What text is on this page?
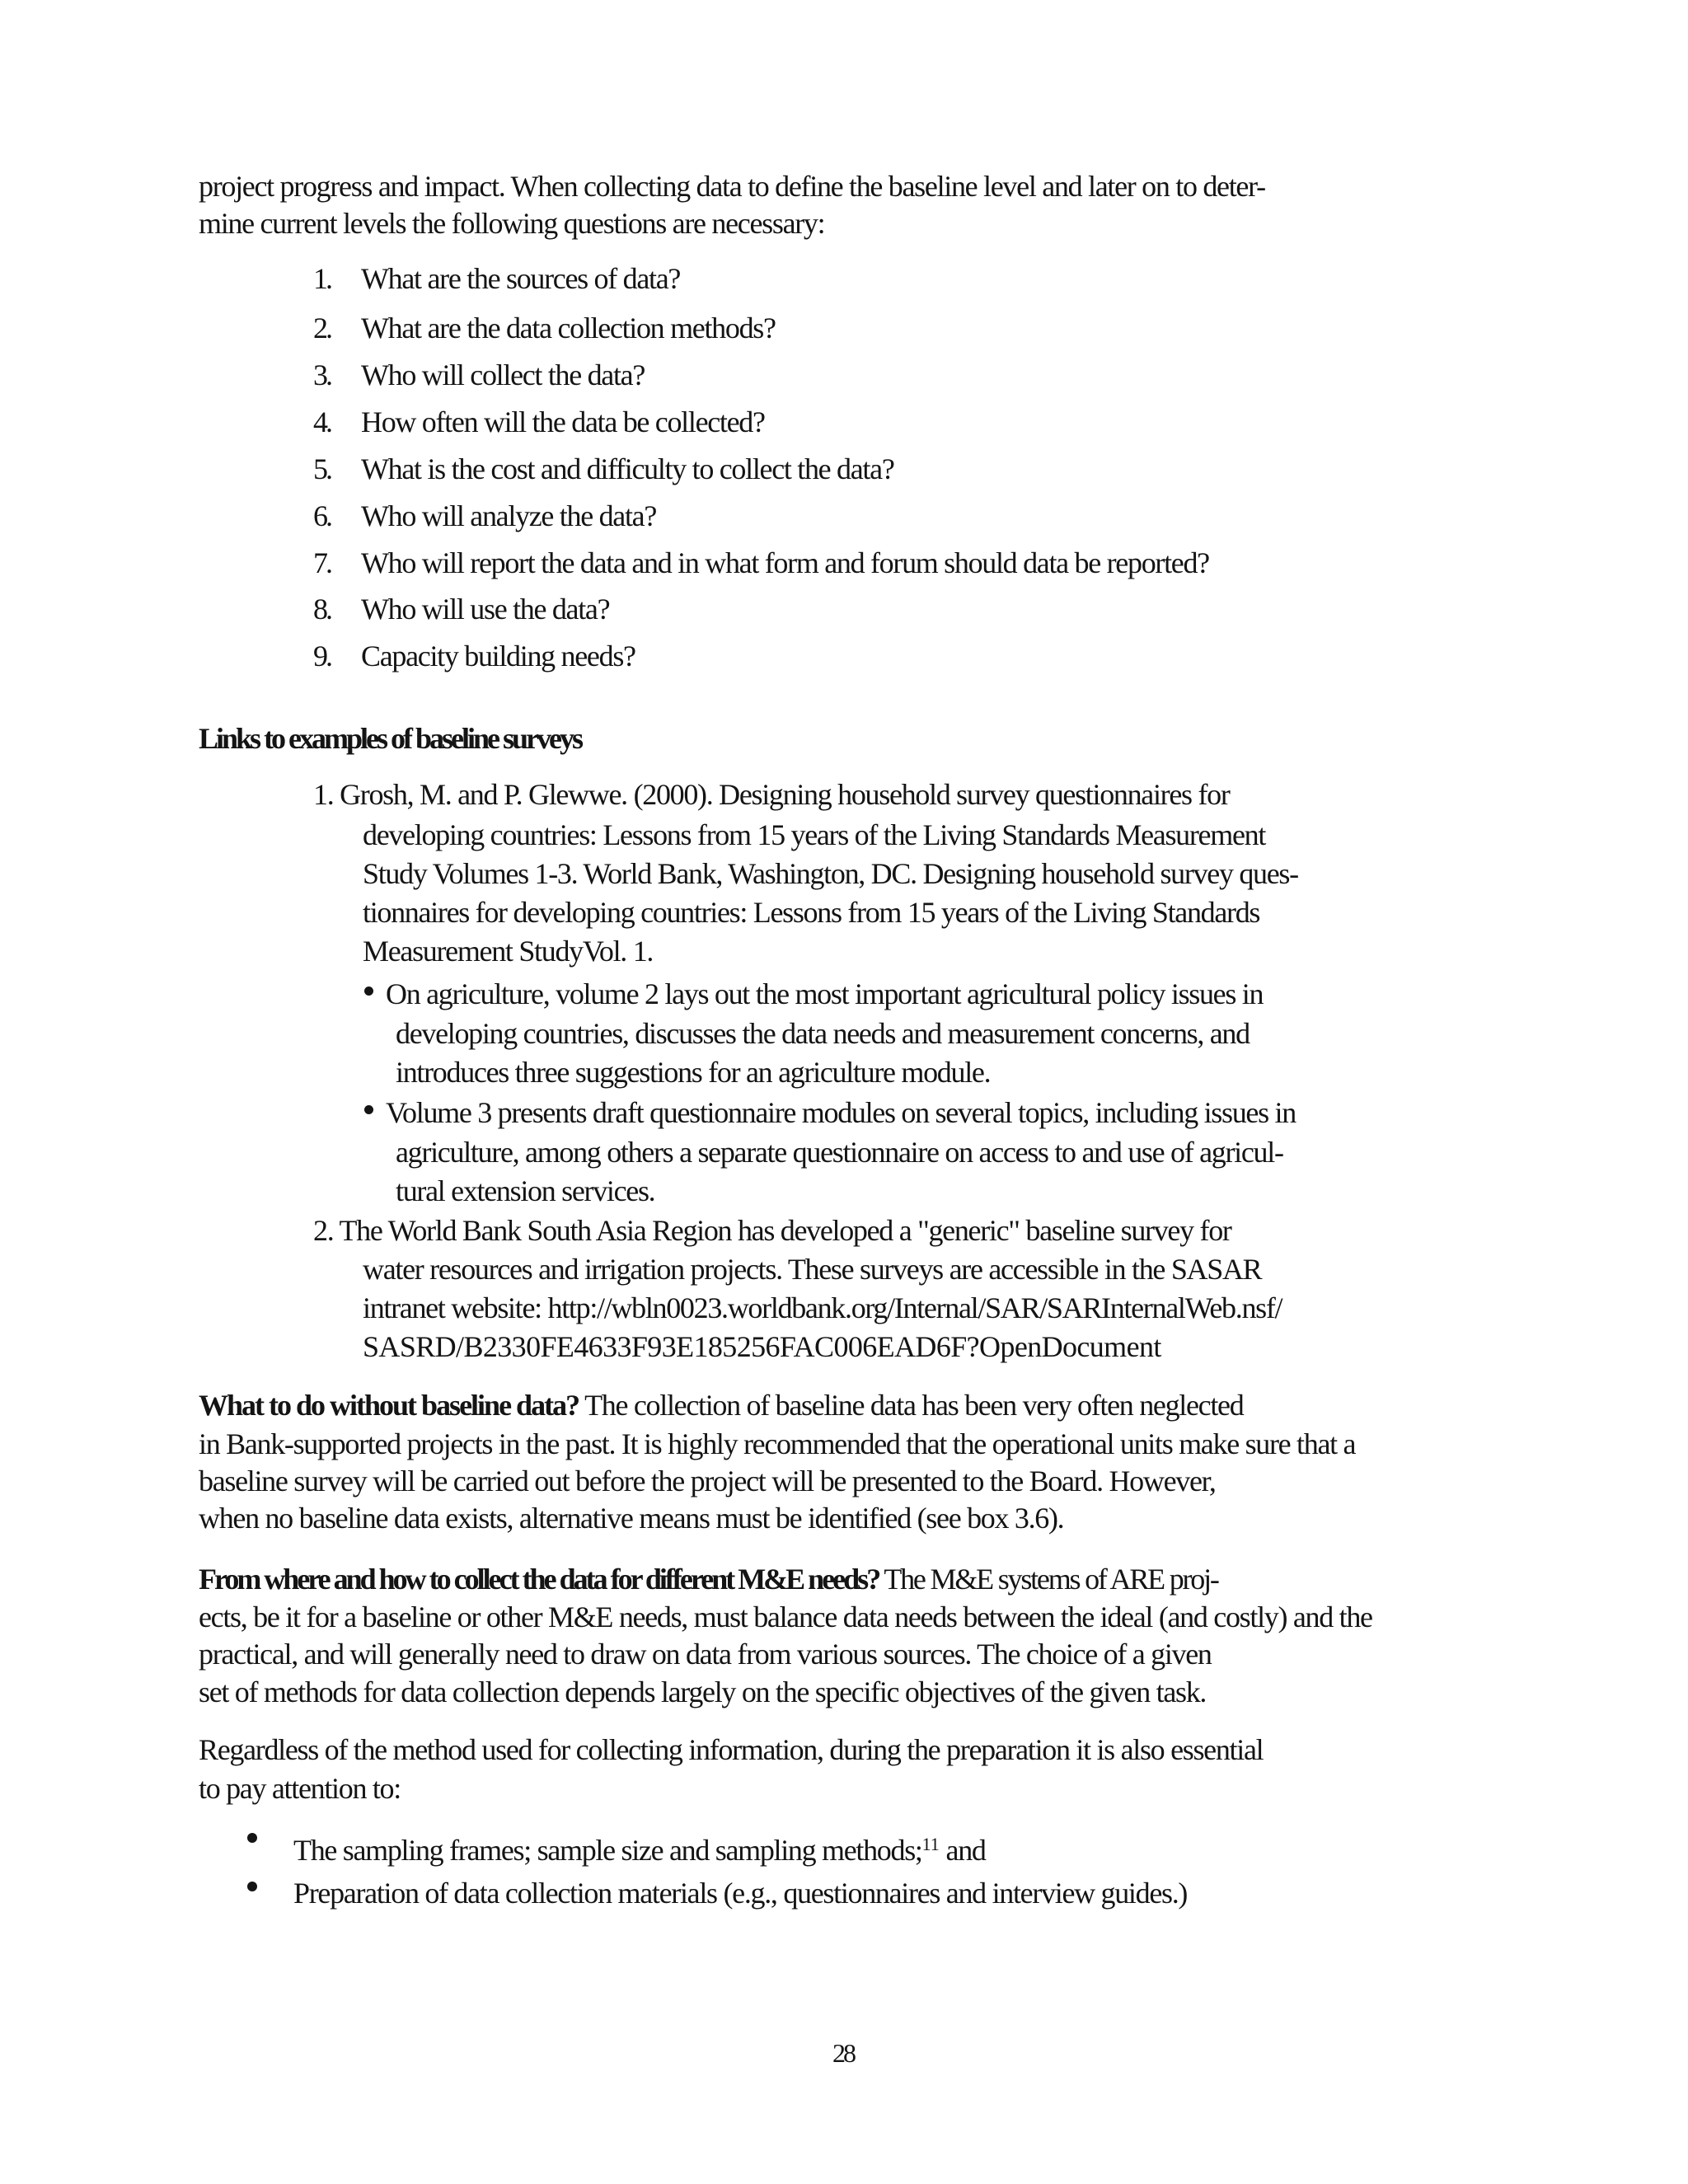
project progress and impact. When collecting data to define the baseline level and later on to deter-
mine current levels the following questions are necessary:
1. What are the sources of data?
2. What are the data collection methods?
3. Who will collect the data?
4. How often will the data be collected?
5. What is the cost and difficulty to collect the data?
6. Who will analyze the data?
7. Who will report the data and in what form and forum should data be reported?
8. Who will use the data?
9. Capacity building needs?
Links to examples of baseline surveys
1. Grosh, M. and P. Glewwe. (2000). Designing household survey questionnaires for
developing countries: Lessons from 15 years of the Living Standards Measurement
Study Volumes 1-3. World Bank, Washington, DC. Designing household survey ques-
tionnaires for developing countries: Lessons from 15 years of the Living Standards
Measurement StudyVol. 1.
On agriculture, volume 2 lays out the most important agricultural policy issues in
developing countries, discusses the data needs and measurement concerns, and
introduces three suggestions for an agriculture module.
Volume 3 presents draft questionnaire modules on several topics, including issues in
agriculture, among others a separate questionnaire on access to and use of agricul-
tural extension services.
2. The World Bank South Asia Region has developed a "generic" baseline survey for
water resources and irrigation projects. These surveys are accessible in the SASAR
intranet website: http://wbln0023.worldbank.org/Internal/SAR/SARInternalWeb.nsf/
SASRD/B2330FE4633F93E185256FAC006EAD6F?OpenDocument
What to do without baseline data? The collection of baseline data has been very often neglected
in Bank-supported projects in the past. It is highly recommended that the operational units make sure that a
baseline survey will be carried out before the project will be presented to the Board. However,
when no baseline data exists, alternative means must be identified (see box 3.6).
From where and how to collect the data for different M&E needs? The M&E systems of ARE proj-
ects, be it for a baseline or other M&E needs, must balance data needs between the ideal (and costly) and the
practical, and will generally need to draw on data from various sources. The choice of a given
set of methods for data collection depends largely on the specific objectives of the given task.
Regardless of the method used for collecting information, during the preparation it is also essential
to pay attention to:
The sampling frames; sample size and sampling methods;$^{11}$ and
Preparation of data collection materials (e.g., questionnaires and interview guides.)
28
